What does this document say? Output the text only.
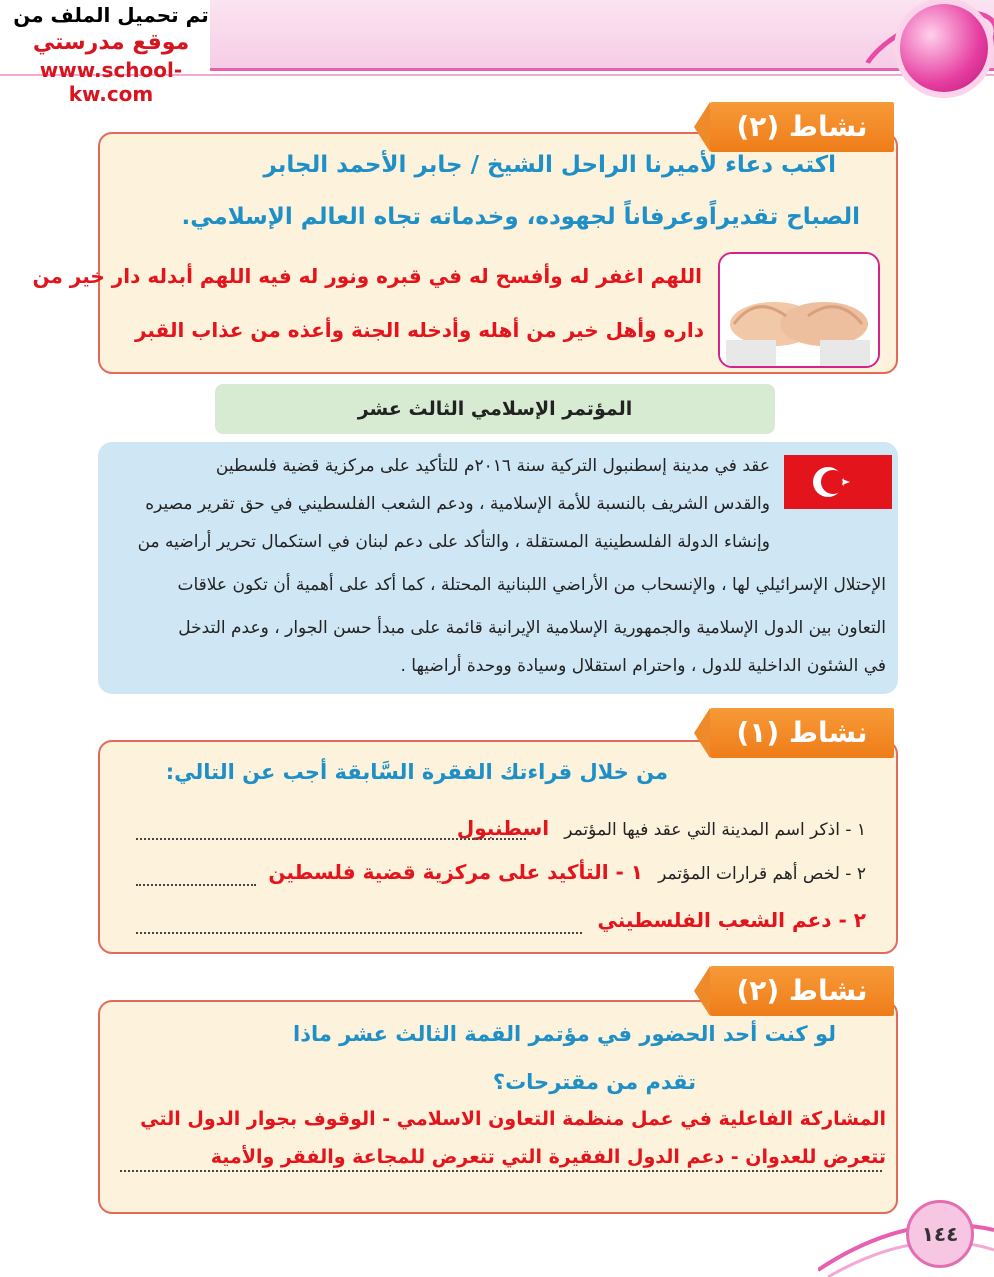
تم تحميل الملف من
موقع مدرستي
www.school-kw.com
نشاط (٢)
اكتب دعاء لأميرنا الراحل الشيخ / جابر الأحمد الجابر
الصباح تقديراًوعرفاناً لجهوده، وخدماته تجاه العالم الإسلامي.
اللهم اغفر له وأفسح له في قبره ونور له فيه اللهم أبدله دار خير من
داره وأهل خير من أهله وأدخله الجنة وأعذه من عذاب القبر
المؤتمر الإسلامي الثالث عشر
عقد في مدينة إسطنبول التركية سنة ٢٠١٦م للتأكيد على مركزية قضية فلسطين
والقدس الشريف بالنسبة للأمة الإسلامية ، ودعم الشعب الفلسطيني في حق تقرير مصيره
وإنشاء الدولة الفلسطينية المستقلة ، والتأكد على دعم لبنان في استكمال تحرير أراضيه من
الإحتلال الإسرائيلي لها ، والإنسحاب من الأراضي اللبنانية المحتلة ، كما أكد على أهمية أن تكون علاقات
التعاون بين الدول الإسلامية والجمهورية الإسلامية الإيرانية قائمة على مبدأ حسن الجوار ، وعدم التدخل
في الشئون الداخلية للدول ، واحترام استقلال وسيادة ووحدة أراضيها .
نشاط (١)
من خلال قراءتك الفقرة السَّابقة أجب عن التالي:
١ - اذكر اسم المدينة التي عقد فيها المؤتمر اسطنبول
٢ - لخص أهم قرارات المؤتمر ١ - التأكيد على مركزية قضية فلسطين
٢ - دعم الشعب الفلسطيني
نشاط (٢)
لو كنت أحد الحضور في مؤتمر القمة الثالث عشر ماذا
تقدم من مقترحات؟
المشاركة الفاعلية في عمل منظمة التعاون الاسلامي - الوقوف بجوار الدول التي
تتعرض للعدوان - دعم الدول الفقيرة التي تتعرض للمجاعة والفقر والأمية
١٤٤
